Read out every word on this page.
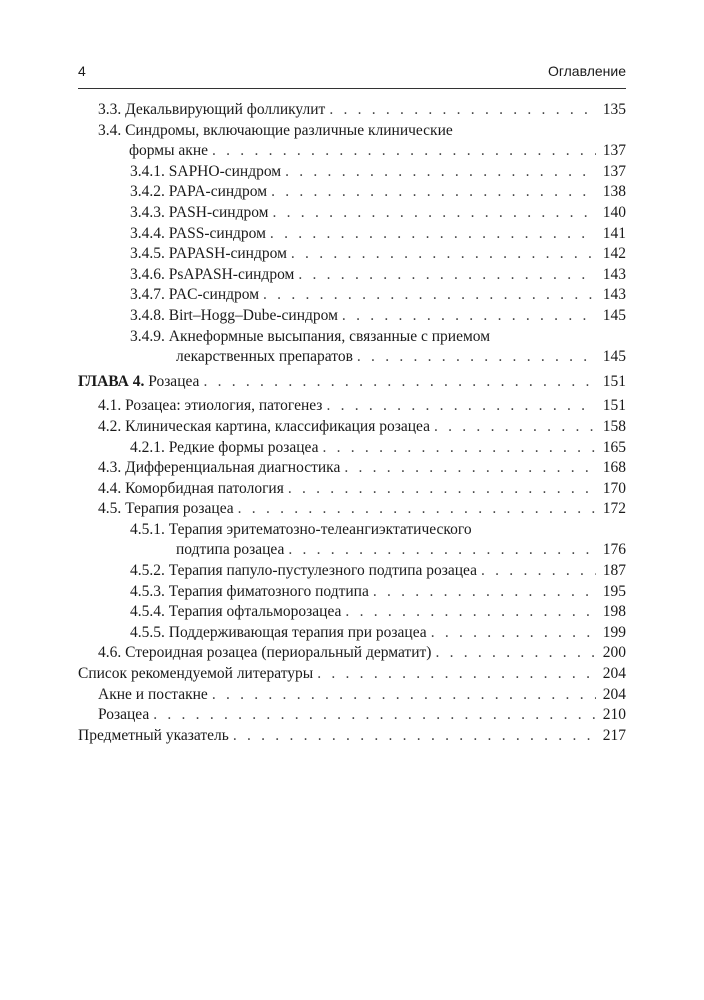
4	Оглавление
3.3. Декальвирующий фолликулит . . .	135
3.4. Синдромы, включающие различные клинические
формы акне . . .	137
3.4.1. SAPHO-синдром . . .	137
3.4.2. PAPA-синдром . . .	138
3.4.3. PASH-синдром . . .	140
3.4.4. PASS-синдром . . .	141
3.4.5. PAPASH-синдром . . .	142
3.4.6. PsAPASH-синдром . . .	143
3.4.7. PAC-синдром . . .	143
3.4.8. Birt–Hogg–Dube-синдром . . .	145
3.4.9. Акнеформные высыпания, связанные с приемом
лекарственных препаратов . . .	145
ГЛАВА 4. Розацеа . . .	151
4.1. Розацеа: этиология, патогенез . . .	151
4.2. Клиническая картина, классификация розацеа . . .	158
4.2.1. Редкие формы розацеа . . .	165
4.3. Дифференциальная диагностика . . .	168
4.4. Коморбидная патология . . .	170
4.5. Терапия розацеа . . .	172
4.5.1. Терапия эритематозно-телеангиэктатического
подтипа розацеа . . .	176
4.5.2. Терапия папуло-пустулезного подтипа розацеа . . .	187
4.5.3. Терапия фиматозного подтипа . . .	195
4.5.4. Терапия офтальморозацеа . . .	198
4.5.5. Поддерживающая терапия при розацеа . . .	199
4.6. Стероидная розацеа (периоральный дерматит) . . .	200
Список рекомендуемой литературы . . .	204
Акне и постакне . . .	204
Розацеа . . .	210
Предметный указатель . . .	217
